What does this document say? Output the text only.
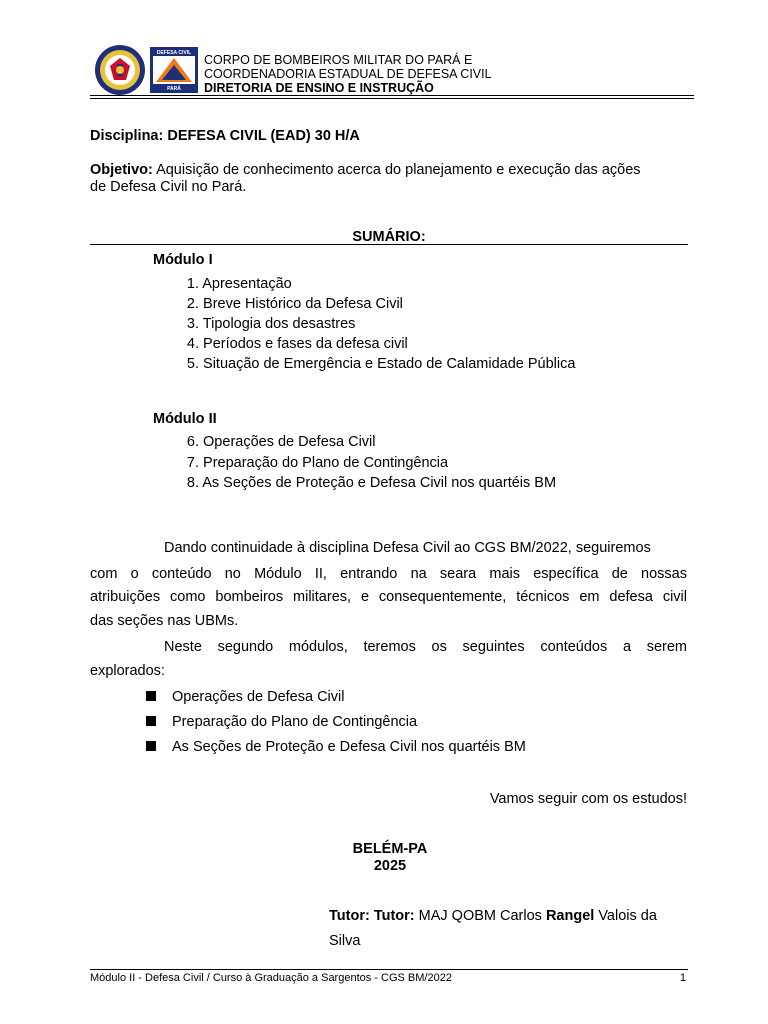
DEFESA CIVIL
PARÁ
CORPO DE BOMBEIROS MILITAR DO PARÁ E
COORDENADORIA ESTADUAL DE DEFESA CIVIL
DIRETORIA DE ENSINO E INSTRUÇÃO
Disciplina: DEFESA CIVIL (EAD) 30 H/A
Objetivo: Aquisição de conhecimento acerca do planejamento e execução das ações
de Defesa Civil no Pará.
SUMÁRIO:
Módulo I
1. Apresentação
2. Breve Histórico da Defesa Civil
3. Tipologia dos desastres
4. Períodos e fases da defesa civil
5. Situação de Emergência e Estado de Calamidade Pública
Módulo II
6. Operações de Defesa Civil
7. Preparação do Plano de Contingência
8. As Seções de Proteção e Defesa Civil nos quartéis BM
Dando continuidade à disciplina Defesa Civil ao CGS BM/2022, seguiremos
com o conteúdo no Módulo II, entrando na seara mais específica de nossas
atribuições como bombeiros militares, e consequentemente, técnicos em defesa civil
das seções nas UBMs.
Neste segundo módulos, teremos os seguintes conteúdos a serem
explorados:
Operações de Defesa Civil
Preparação do Plano de Contingência
As Seções de Proteção e Defesa Civil nos quartéis BM
Vamos seguir com os estudos!
BELÉM-PA
2025
Tutor: Tutor: MAJ QOBM Carlos Rangel Valois da
Silva
Módulo II - Defesa Civil / Curso à Graduação a Sargentos - CGS BM/2022	1
